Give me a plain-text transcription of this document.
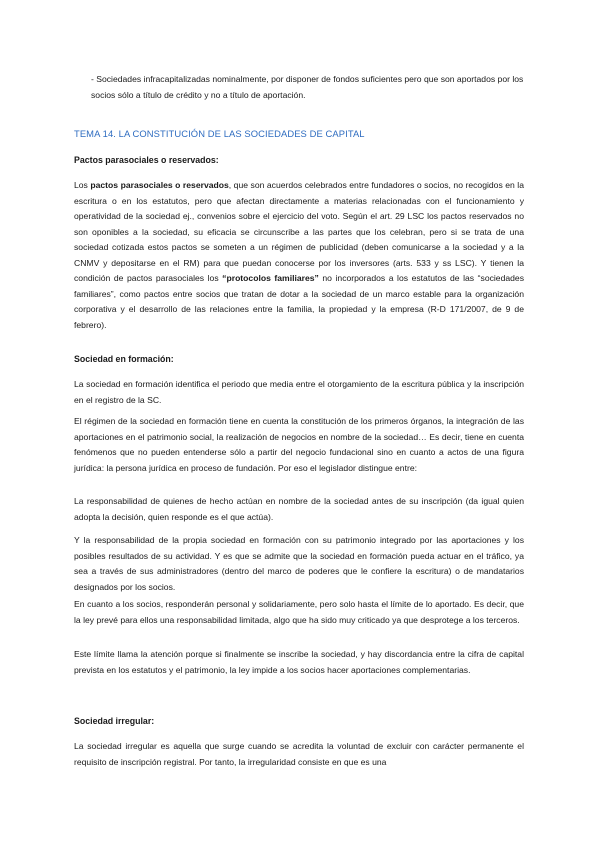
- Sociedades infracapitalizadas nominalmente, por disponer de fondos suficientes pero que son aportados por los socios sólo a título de crédito y no a título de aportación.
TEMA 14. LA CONSTITUCIÓN DE LAS SOCIEDADES DE CAPITAL
Pactos parasociales o reservados:
Los pactos parasociales o reservados, que son acuerdos celebrados entre fundadores o socios, no recogidos en la escritura o en los estatutos, pero que afectan directamente a materias relacionadas con el funcionamiento y operatividad de la sociedad ej., convenios sobre el ejercicio del voto. Según el art. 29 LSC los pactos reservados no son oponibles a la sociedad, su eficacia se circunscribe a las partes que los celebran, pero si se trata de una sociedad cotizada estos pactos se someten a un régimen de publicidad (deben comunicarse a la sociedad y a la CNMV y depositarse en el RM) para que puedan conocerse por los inversores (arts. 533 y ss LSC). Y tienen la condición de pactos parasociales los “protocolos familiares” no incorporados a los estatutos de las “sociedades familiares”, como pactos entre socios que tratan de dotar a la sociedad de un marco estable para la organización corporativa y el desarrollo de las relaciones entre la familia, la propiedad y la empresa (R-D 171/2007, de 9 de febrero).
Sociedad en formación:
La sociedad en formación identifica el periodo que media entre el otorgamiento de la escritura pública y la inscripción en el registro de la SC.
El régimen de la sociedad en formación tiene en cuenta la constitución de los primeros órganos, la integración de las aportaciones en el patrimonio social, la realización de negocios en nombre de la sociedad… Es decir, tiene en cuenta fenómenos que no pueden entenderse sólo a partir del negocio fundacional sino en cuanto a actos de una figura jurídica: la persona jurídica en proceso de fundación. Por eso el legislador distingue entre:
La responsabilidad de quienes de hecho actúan en nombre de la sociedad antes de su inscripción (da igual quien adopta la decisión, quien responde es el que actúa).
Y la responsabilidad de la propia sociedad en formación con su patrimonio integrado por las aportaciones y los posibles resultados de su actividad. Y es que se admite que la sociedad en formación pueda actuar en el tráfico, ya sea a través de sus administradores (dentro del marco de poderes que le confiere la escritura) o de mandatarios designados por los socios.
En cuanto a los socios, responderán personal y solidariamente, pero solo hasta el límite de lo aportado. Es decir, que la ley prevé para ellos una responsabilidad limitada, algo que ha sido muy criticado ya que desprotege a los terceros.
Este límite llama la atención porque si finalmente se inscribe la sociedad, y hay discordancia entre la cifra de capital prevista en los estatutos y el patrimonio, la ley impide a los socios hacer aportaciones complementarias.
Sociedad irregular:
La sociedad irregular es aquella que surge cuando se acredita la voluntad de excluir con carácter permanente el requisito de inscripción registral. Por tanto, la irregularidad consiste en que es una
